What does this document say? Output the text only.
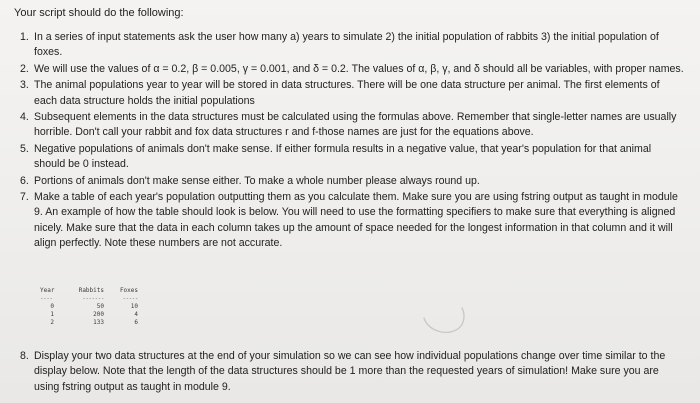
Your script should do the following:
1. In a series of input statements ask the user how many a) years to simulate 2) the initial population of rabbits 3) the initial population of foxes.
2. We will use the values of α = 0.2, β = 0.005, γ = 0.001, and δ = 0.2. The values of α, β, γ, and δ should all be variables, with proper names.
3. The animal populations year to year will be stored in data structures. There will be one data structure per animal. The first elements of each data structure holds the initial populations
4. Subsequent elements in the data structures must be calculated using the formulas above. Remember that single-letter names are usually horrible. Don't call your rabbit and fox data structures r and f-those names are just for the equations above.
5. Negative populations of animals don't make sense. If either formula results in a negative value, that year's population for that animal should be 0 instead.
6. Portions of animals don't make sense either. To make a whole number please always round up.
7. Make a table of each year's population outputting them as you calculate them. Make sure you are using fstring output as taught in module 9. An example of how the table should look is below. You will need to use the formatting specifiers to make sure that everything is aligned nicely. Make sure that the data in each column takes up the amount of space needed for the longest information in that column and it will align perfectly. Note these numbers are not accurate.
Year	Rabbits	Foxes
----	-------	-----
0	50	10
1	200	4
2	133	6
8. Display your two data structures at the end of your simulation so we can see how individual populations change over time similar to the display below. Note that the length of the data structures should be 1 more than the requested years of simulation! Make sure you are using fstring output as taught in module 9.
